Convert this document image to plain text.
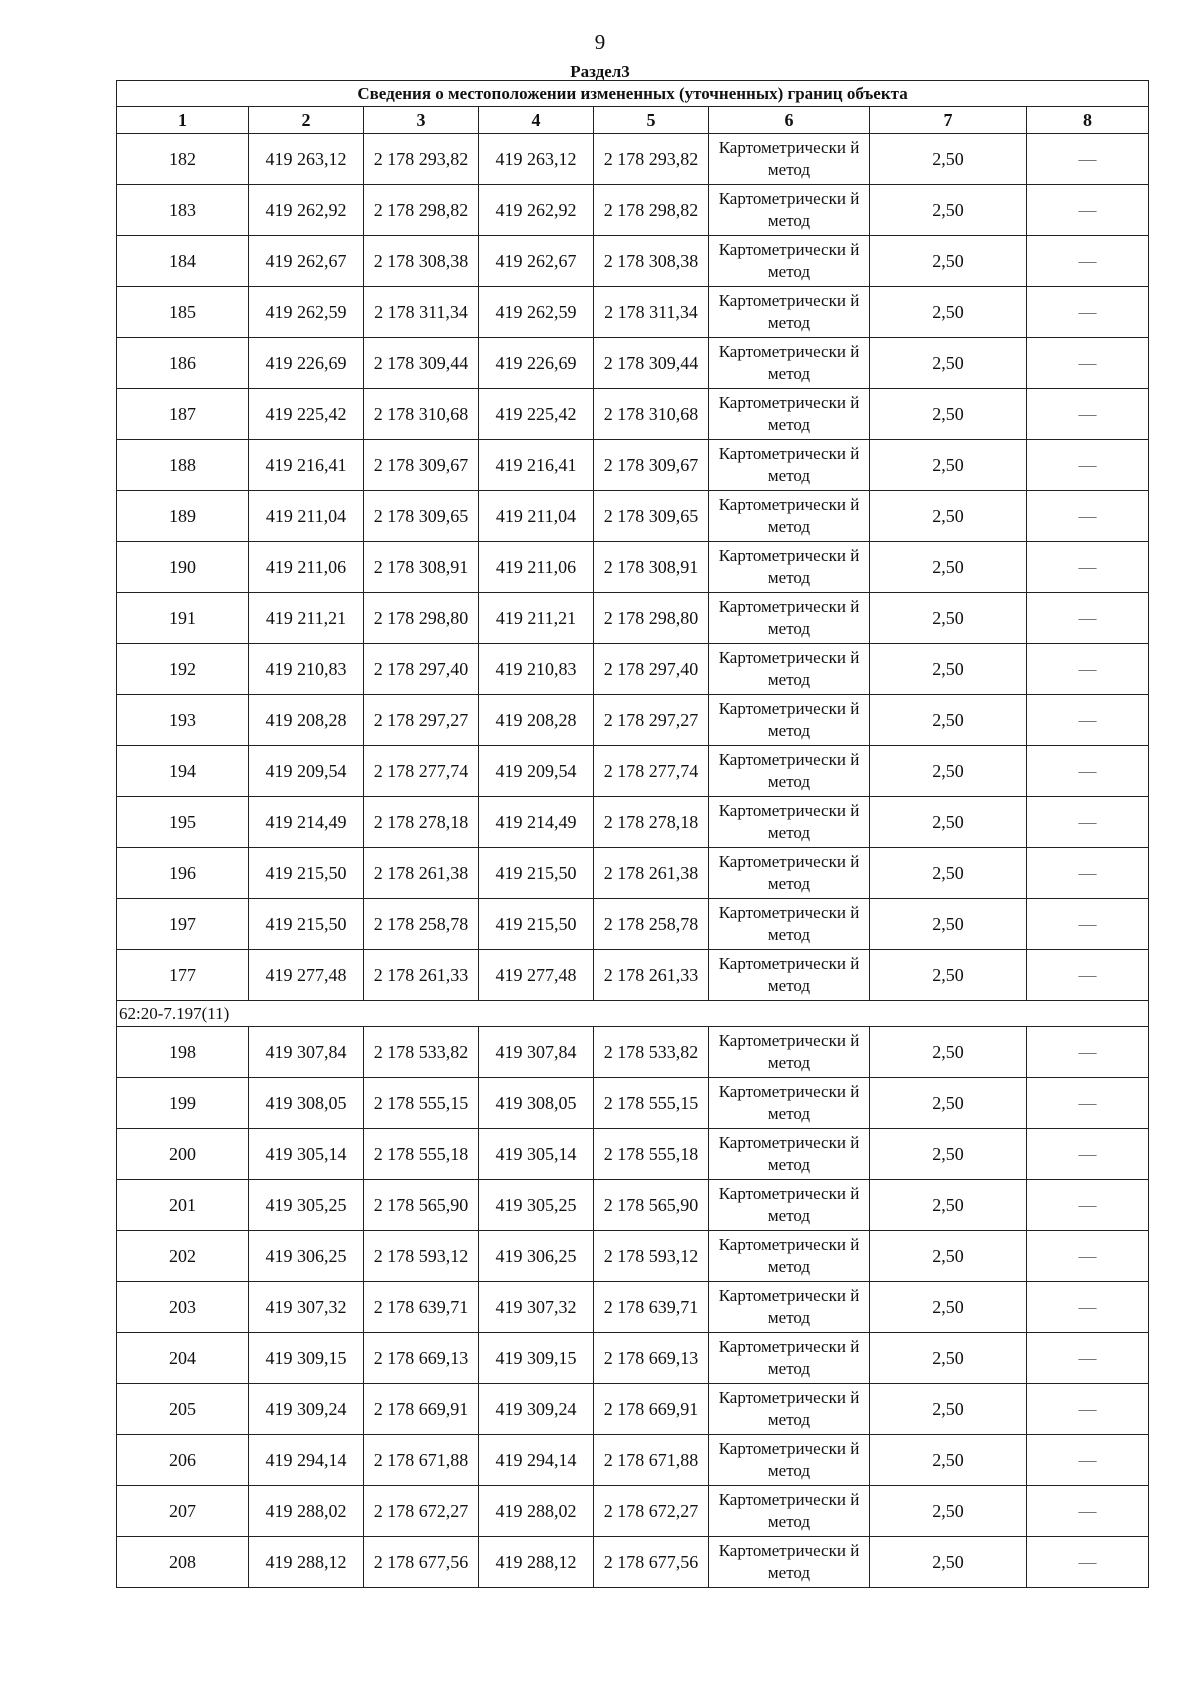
9
Раздел3
Сведения о местоположении измененных (уточненных) границ объекта							
1	2	3	4	5	6	7	8
182	419 263,12	2 178 293,82	419 263,12	2 178 293,82	Картометрически й метод	2,50	—
183	419 262,92	2 178 298,82	419 262,92	2 178 298,82	Картометрически й метод	2,50	—
184	419 262,67	2 178 308,38	419 262,67	2 178 308,38	Картометрически й метод	2,50	—
185	419 262,59	2 178 311,34	419 262,59	2 178 311,34	Картометрически й метод	2,50	—
186	419 226,69	2 178 309,44	419 226,69	2 178 309,44	Картометрически й метод	2,50	—
187	419 225,42	2 178 310,68	419 225,42	2 178 310,68	Картометрически й метод	2,50	—
188	419 216,41	2 178 309,67	419 216,41	2 178 309,67	Картометрически й метод	2,50	—
189	419 211,04	2 178 309,65	419 211,04	2 178 309,65	Картометрически й метод	2,50	—
190	419 211,06	2 178 308,91	419 211,06	2 178 308,91	Картометрически й метод	2,50	—
191	419 211,21	2 178 298,80	419 211,21	2 178 298,80	Картометрически й метод	2,50	—
192	419 210,83	2 178 297,40	419 210,83	2 178 297,40	Картометрически й метод	2,50	—
193	419 208,28	2 178 297,27	419 208,28	2 178 297,27	Картометрически й метод	2,50	—
194	419 209,54	2 178 277,74	419 209,54	2 178 277,74	Картометрически й метод	2,50	—
195	419 214,49	2 178 278,18	419 214,49	2 178 278,18	Картометрически й метод	2,50	—
196	419 215,50	2 178 261,38	419 215,50	2 178 261,38	Картометрически й метод	2,50	—
197	419 215,50	2 178 258,78	419 215,50	2 178 258,78	Картометрически й метод	2,50	—
177	419 277,48	2 178 261,33	419 277,48	2 178 261,33	Картометрически й метод	2,50	—
62:20-7.197(11)							
198	419 307,84	2 178 533,82	419 307,84	2 178 533,82	Картометрически й метод	2,50	—
199	419 308,05	2 178 555,15	419 308,05	2 178 555,15	Картометрически й метод	2,50	—
200	419 305,14	2 178 555,18	419 305,14	2 178 555,18	Картометрически й метод	2,50	—
201	419 305,25	2 178 565,90	419 305,25	2 178 565,90	Картометрически й метод	2,50	—
202	419 306,25	2 178 593,12	419 306,25	2 178 593,12	Картометрически й метод	2,50	—
203	419 307,32	2 178 639,71	419 307,32	2 178 639,71	Картометрически й метод	2,50	—
204	419 309,15	2 178 669,13	419 309,15	2 178 669,13	Картометрически й метод	2,50	—
205	419 309,24	2 178 669,91	419 309,24	2 178 669,91	Картометрически й метод	2,50	—
206	419 294,14	2 178 671,88	419 294,14	2 178 671,88	Картометрически й метод	2,50	—
207	419 288,02	2 178 672,27	419 288,02	2 178 672,27	Картометрически й метод	2,50	—
208	419 288,12	2 178 677,56	419 288,12	2 178 677,56	Картометрически й метод	2,50	—
